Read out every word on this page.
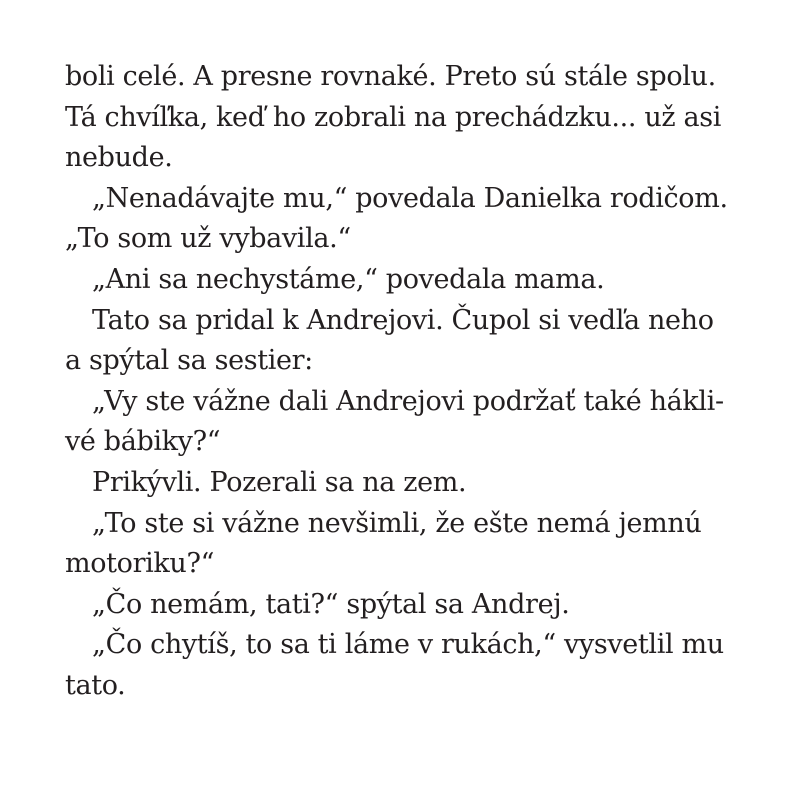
boli celé. A presne rovnaké. Preto sú stále spolu.
Tá chvíľka, keď ho zobrali na prechádzku... už asi
nebude.
„Nenadávajte mu,“ povedala Danielka rodičom.
„To som už vybavila.“
„Ani sa nechystáme,“ povedala mama.
Tato sa pridal k Andrejovi. Čupol si vedľa neho
a spýtal sa sestier:
„Vy ste vážne dali Andrejovi podržať také hákli-
vé bábiky?“
Prikývli. Pozerali sa na zem.
„To ste si vážne nevšimli, že ešte nemá jemnú
motoriku?“
„Čo nemám, tati?“ spýtal sa Andrej.
„Čo chytíš, to sa ti láme v rukách,“ vysvetlil mu
tato.
